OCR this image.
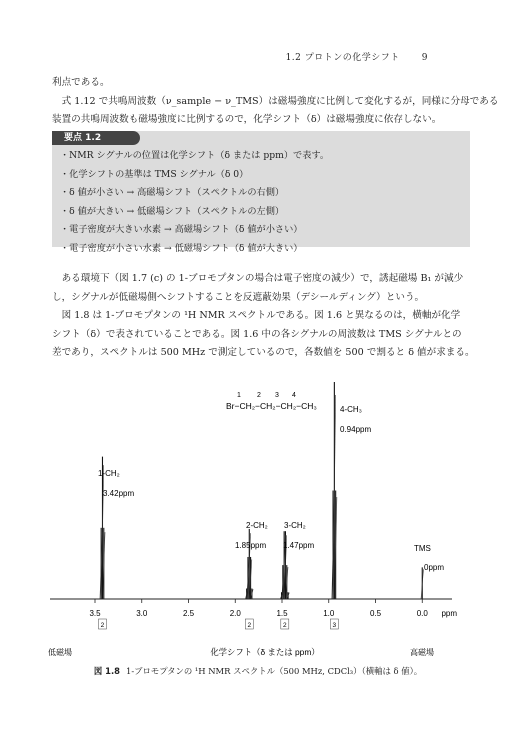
1.2 プロトンの化学シフト 9
利点である。
　式 1.12 で共鳴周波数（ν_sample − ν_TMS）は磁場強度に比例して変化するが，同様に分母である
装置の共鳴周波数も磁場強度に比例するので，化学シフト（δ）は磁場強度に依存しない。
要点 1.2
・NMR シグナルの位置は化学シフト（δ または ppm）で表す。
・化学シフトの基準は TMS シグナル（δ 0）
・δ 値が小さい → 高磁場シフト（スペクトルの右側）
・δ 値が大きい → 低磁場シフト（スペクトルの左側）
・電子密度が大きい水素 → 高磁場シフト（δ 値が小さい）
・電子密度が小さい水素 → 低磁場シフト（δ 値が大きい）
　ある環境下（図 1.7 (c) の 1-ブロモプタンの場合は電子密度の減少）で，誘起磁場 B₁ が減少
し，シグナルが低磁場側へシフトすることを反遮蔽効果（デシールディング）という。
　図 1.8 は 1-ブロモプタンの ¹H NMR スペクトルである。図 1.6 と異なるのは，横軸が化学
シフト（δ）で表されていることである。図 1.6 中の各シグナルの周波数は TMS シグナルとの
差であり，スペクトルは 500 MHz で測定しているので，各数値を 500 で割ると δ 値が求まる。
1-CH₂
3.42ppm
2-CH₂
1.85ppm
3-CH₂
1.47ppm
4-CH₃
0.94ppm
TMS
0ppm
3.5	3.0	2.5	2.0	1.5	1.0	0.5	0.0 ppm
2	2	2	3
1 2 3 4
Br−CH₂−CH₂−CH₂−CH₃
低磁場	高磁場
化学シフト（δ または ppm）
図 1.8 1-ブロモプタンの ¹H NMR スペクトル（500 MHz, CDCl₃）（横軸は δ 値）。
